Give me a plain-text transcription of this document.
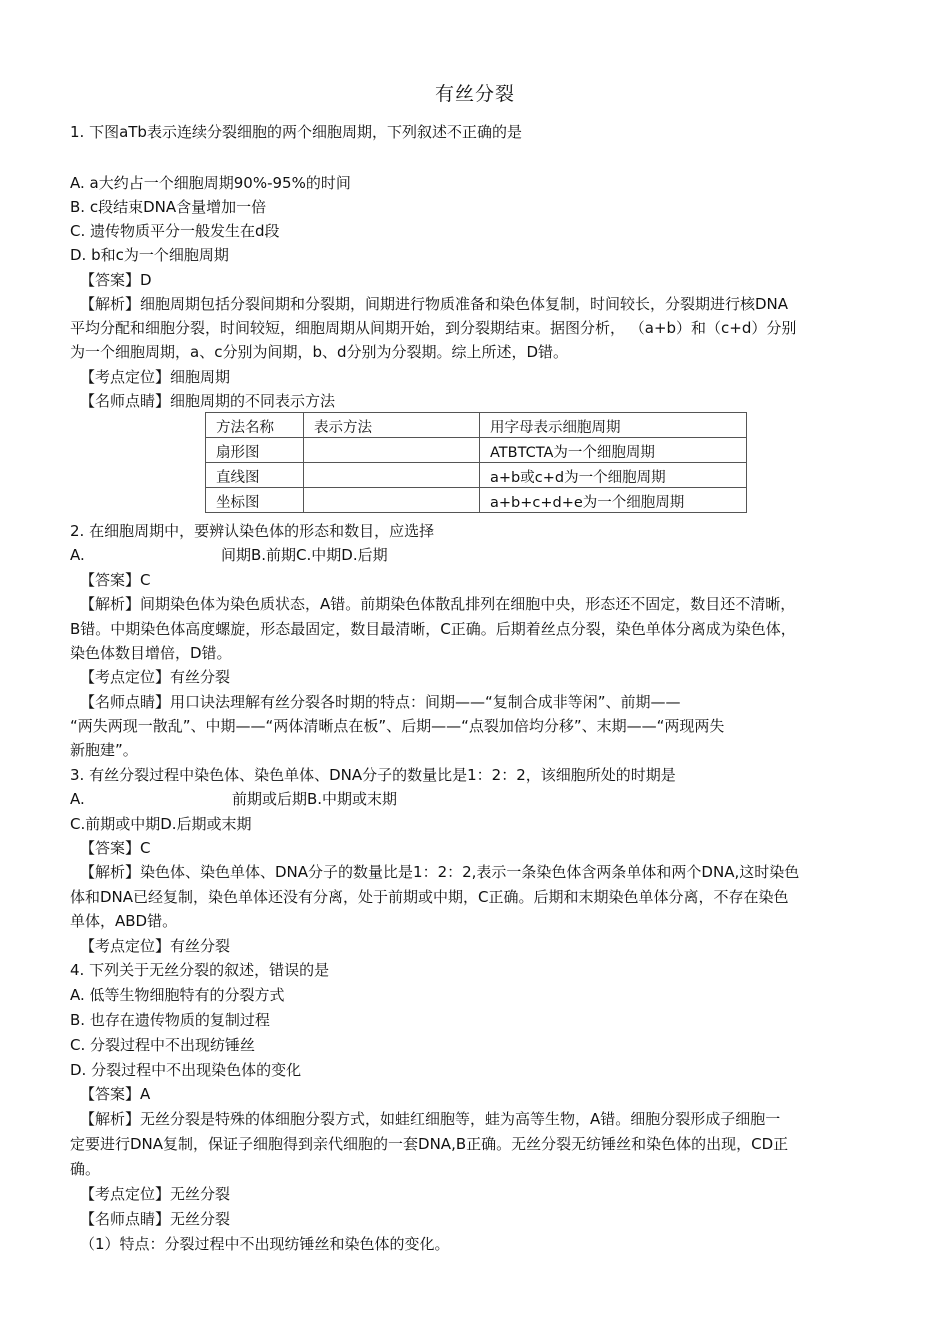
有丝分裂
1. 下图aTb表示连续分裂细胞的两个细胞周期，下列叙述不正确的是
A. a大约占一个细胞周期90%-95%的时间
B. c段结束DNA含量增加一倍
C. 遗传物质平分一般发生在d段
D. b和c为一个细胞周期
【答案】D
【解析】细胞周期包括分裂间期和分裂期，间期进行物质准备和染色体复制，时间较长，分裂期进行核DNA
平均分配和细胞分裂，时间较短，细胞周期从间期开始，到分裂期结束。据图分析， （a+b）和（c+d）分别
为一个细胞周期，a、c分别为间期，b、d分别为分裂期。综上所述，D错。
【考点定位】细胞周期
【名师点睛】细胞周期的不同表示方法
方法名称	表示方法	用字母表示细胞周期
扇形图		ATBTCTA为一个细胞周期
直线图		a+b或c+d为一个细胞周期
坐标图		a+b+c+d+e为一个细胞周期
2. 在细胞周期中，要辨认染色体的形态和数目，应选择
A.	间期B.前期C.中期D.后期
【答案】C
【解析】间期染色体为染色质状态，A错。前期染色体散乱排列在细胞中央，形态还不固定，数目还不清晰，
B错。中期染色体高度螺旋，形态最固定，数目最清晰，C正确。后期着丝点分裂，染色单体分离成为染色体，
染色体数目增倍，D错。
【考点定位】有丝分裂
【名师点睛】用口诀法理解有丝分裂各时期的特点：间期——“复制合成非等闲”、前期——
“两失两现一散乱”、中期——“两体清晰点在板”、后期——“点裂加倍均分移”、末期——“两现两失
新胞建”。
3. 有丝分裂过程中染色体、染色单体、DNA分子的数量比是1：2：2，该细胞所处的时期是
A.	前期或后期B.中期或末期
C.前期或中期D.后期或末期
【答案】C
【解析】染色体、染色单体、DNA分子的数量比是1：2：2,表示一条染色体含两条单体和两个DNA,这时染色
体和DNA已经复制，染色单体还没有分离，处于前期或中期，C正确。后期和末期染色单体分离，不存在染色
单体，ABD错。
【考点定位】有丝分裂
4. 下列关于无丝分裂的叙述，错误的是
A. 低等生物细胞特有的分裂方式
B. 也存在遗传物质的复制过程
C. 分裂过程中不出现纺锤丝
D. 分裂过程中不出现染色体的变化
【答案】A
【解析】无丝分裂是特殊的体细胞分裂方式，如蛙红细胞等，蛙为高等生物，A错。细胞分裂形成子细胞一
定要进行DNA复制，保证子细胞得到亲代细胞的一套DNA,B正确。无丝分裂无纺锤丝和染色体的出现，CD正
确。
【考点定位】无丝分裂
【名师点睛】无丝分裂
（1）特点：分裂过程中不出现纺锤丝和染色体的变化。
